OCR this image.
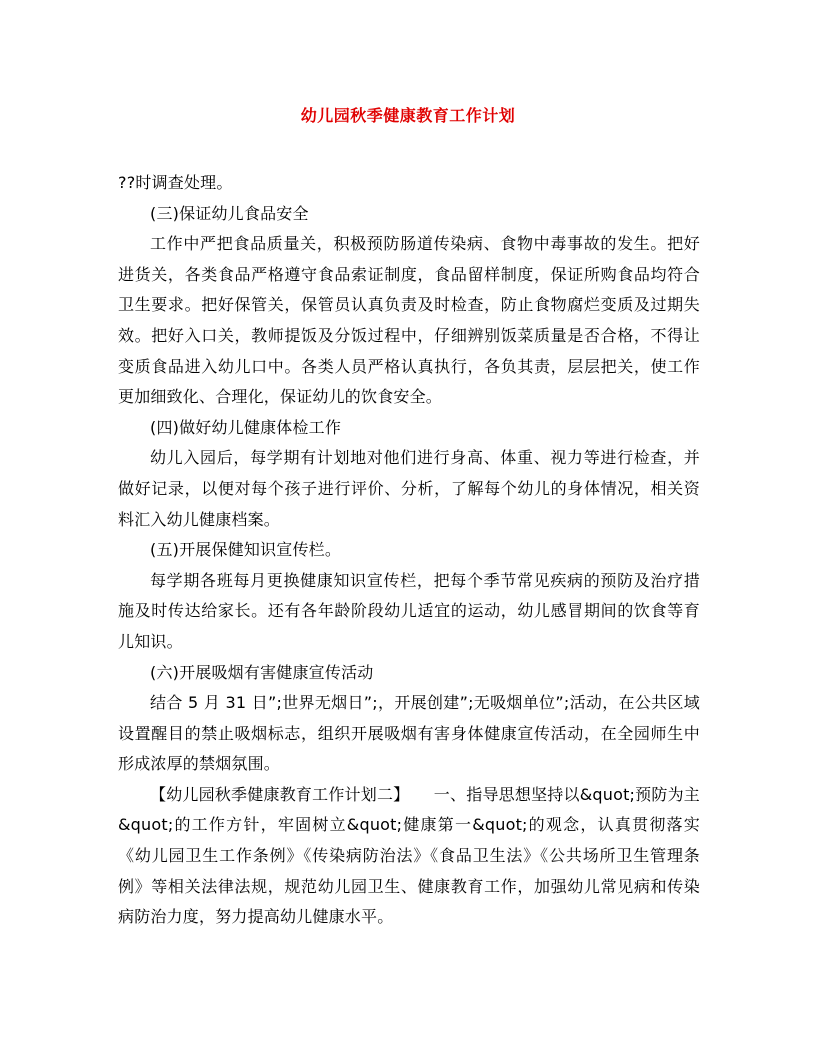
幼儿园秋季健康教育工作计划

??时调查处理。

(三)保证幼儿食品安全

工作中严把食品质量关，积极预防肠道传染病、食物中毒事故的发生。把好进货关，各类食品严格遵守食品索证制度，食品留样制度，保证所购食品均符合卫生要求。把好保管关，保管员认真负责及时检查，防止食物腐烂变质及过期失效。把好入口关，教师提饭及分饭过程中，仔细辨别饭菜质量是否合格，不得让变质食品进入幼儿口中。各类人员严格认真执行，各负其责，层层把关，使工作更加细致化、合理化，保证幼儿的饮食安全。

(四)做好幼儿健康体检工作

幼儿入园后，每学期有计划地对他们进行身高、体重、视力等进行检查，并做好记录，以便对每个孩子进行评价、分析，了解每个幼儿的身体情况，相关资料汇入幼儿健康档案。

(五)开展保健知识宣传栏。

每学期各班每月更换健康知识宣传栏，把每个季节常见疾病的预防及治疗措施及时传达给家长。还有各年龄阶段幼儿适宜的运动，幼儿感冒期间的饮食等育儿知识。

(六)开展吸烟有害健康宣传活动

结合 5 月 31 日”;世界无烟日”;，开展创建”;无吸烟单位”;活动，在公共区域设置醒目的禁止吸烟标志，组织开展吸烟有害身体健康宣传活动，在全园师生中形成浓厚的禁烟氛围。

【幼儿园秋季健康教育工作计划二】　　一、指导思想坚持以&quot;预防为主&quot;的工作方针，牢固树立&quot;健康第一&quot;的观念，认真贯彻落实《幼儿园卫生工作条例》《传染病防治法》《食品卫生法》《公共场所卫生管理条例》等相关法律法规，规范幼儿园卫生、健康教育工作，加强幼儿常见病和传染病防治力度，努力提高幼儿健康水平。
